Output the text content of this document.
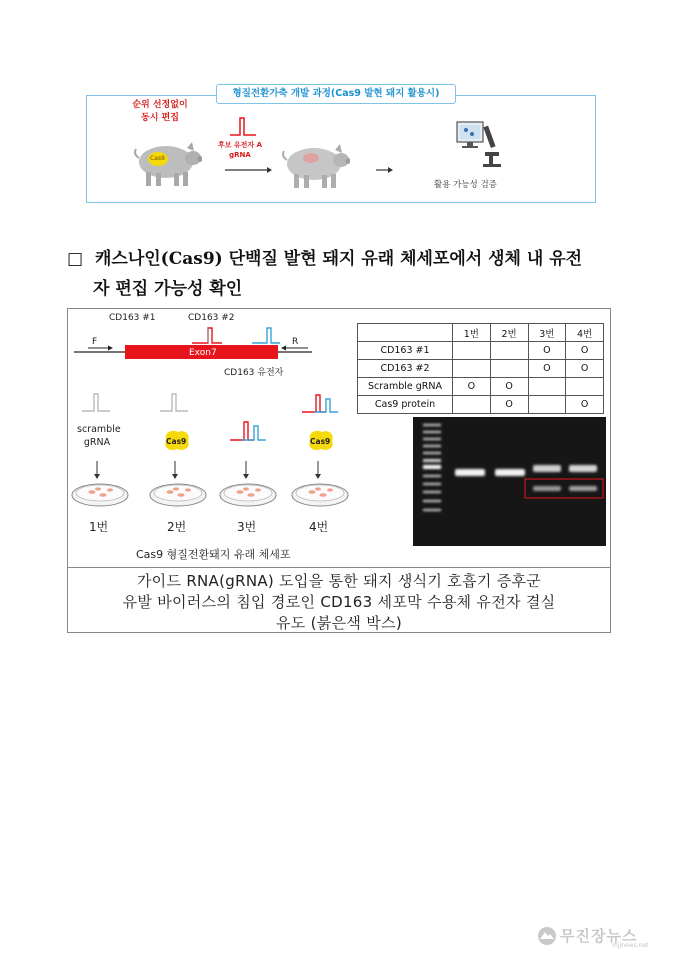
형질전환가축 개발 과정(Cas9 발현 돼지 활용시)
순위 선정없이
동시 편집
Cas9
후보 유전자 A
gRNA
활용 가능성 검증
□ 캐스나인(Cas9) 단백질 발현 돼지 유래 체세포에서 생체 내 유전
자 편집 가능성 확인
CD163 #1	CD163 #2
F	R
Exon7
CD163 유전자
scramble
gRNA	Cas9	Cas9
1번	2번	3번	4번
Cas9 형질전환돼지 유래 체세포
	1번	2번	3번	4번
CD163 #1			O	O
CD163 #2			O	O
Scramble gRNA	O	O		
Cas9 protein		O		O
가이드 RNA(gRNA) 도입을 통한 돼지 생식기 호흡기 증후군
유발 바이러스의 침입 경로인 CD163 세포막 수용체 유전자 결실
유도 (붉은색 박스)
무진장뉴스
mjjnews.net
